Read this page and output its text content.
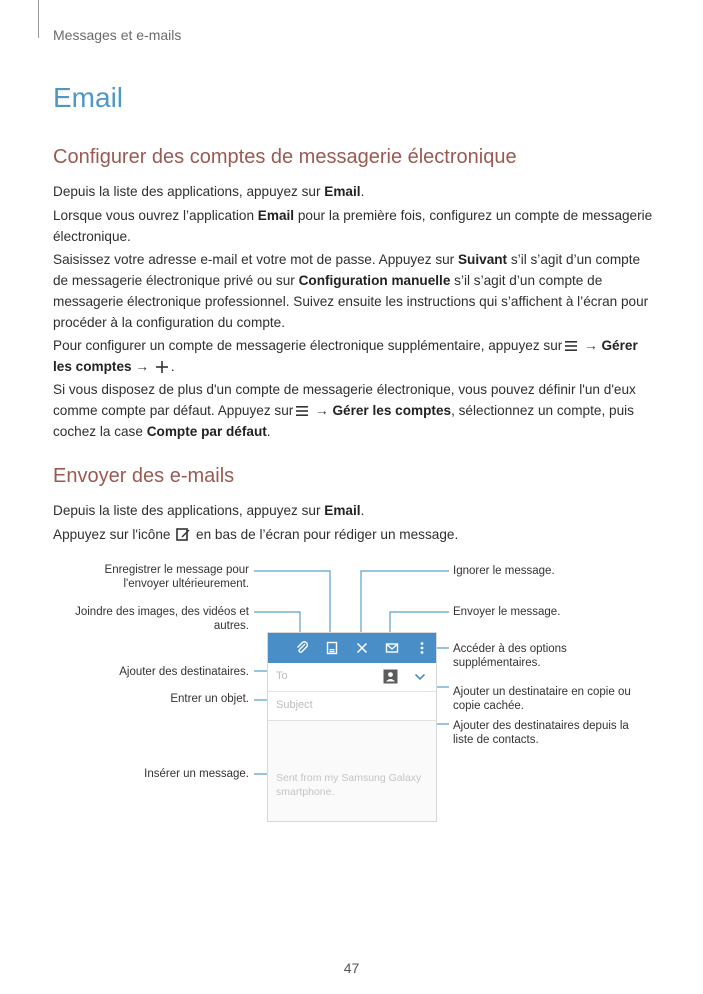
Messages et e-mails
Email
Configurer des comptes de messagerie électronique

Depuis la liste des applications, appuyez sur Email.

Lorsque vous ouvrez l’application Email pour la première fois, configurez un compte de messagerie électronique.

Saisissez votre adresse e-mail et votre mot de passe. Appuyez sur Suivant s’il s’agit d’un compte de messagerie électronique privé ou sur Configuration manuelle s’il s’agit d’un compte de messagerie électronique professionnel. Suivez ensuite les instructions qui s’affichent à l’écran pour procéder à la configuration du compte.

Pour configurer un compte de messagerie électronique supplémentaire, appuyez sur → Gérer les comptes → .

Si vous disposez de plus d'un compte de messagerie électronique, vous pouvez définir l'un d'eux comme compte par défaut. Appuyez sur → Gérer les comptes, sélectionnez un compte, puis cochez la case Compte par défaut.

Envoyer des e-mails

Depuis la liste des applications, appuyez sur Email.

Appuyez sur l'icône  en bas de l’écran pour rédiger un message.

To
Subject
Sent from my Samsung Galaxy smartphone.
Enregistrer le message pour l'envoyer ultérieurement.
Joindre des images, des vidéos et autres.
Ajouter des destinataires.
Entrer un objet.
Insérer un message.
Ignorer le message.
Envoyer le message.
Accéder à des options supplémentaires.
Ajouter un destinataire en copie ou copie cachée.
Ajouter des destinataires depuis la liste de contacts.
47
